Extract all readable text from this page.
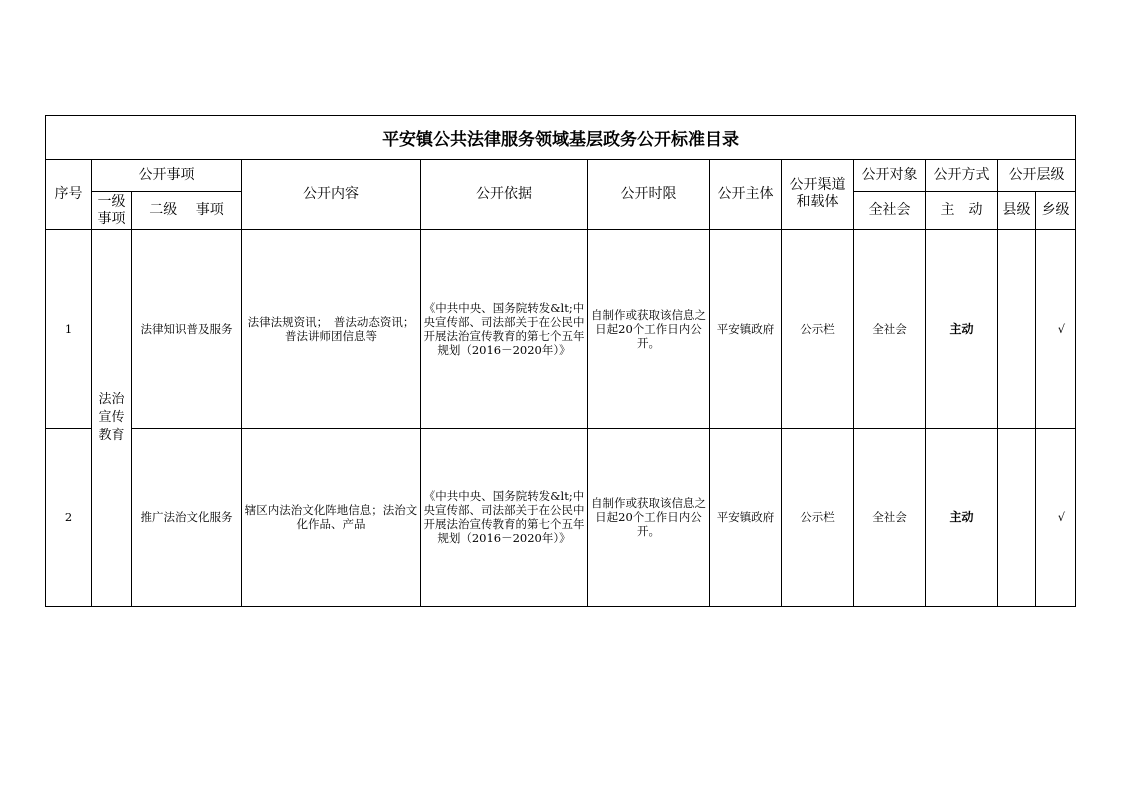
平安镇公共法律服务领域基层政务公开标准目录											
序号	公开事项		公开内容	公开依据	公开时限	公开主体	公开渠道和载体	公开对象	公开方式	公开层级	
	一级事项	二级　 事项						全社会	主　动	县级	乡级
1	法治宣传教育	法律知识普及服务	法律法规资讯；　普法动态资讯；普法讲师团信息等	《中共中央、国务院转发&lt;中央宣传部、司法部关于在公民中开展法治宣传教育的第七个五年规划（2016－2020年）》	自制作或获取该信息之日起20个工作日内公开。	平安镇政府	公示栏	全社会	主动		√
2		推广法治文化服务	辖区内法治文化阵地信息；法治文化作品、产品	《中共中央、国务院转发&lt;中央宣传部、司法部关于在公民中开展法治宣传教育的第七个五年规划（2016－2020年）》	自制作或获取该信息之日起20个工作日内公开。	平安镇政府	公示栏	全社会	主动		√
